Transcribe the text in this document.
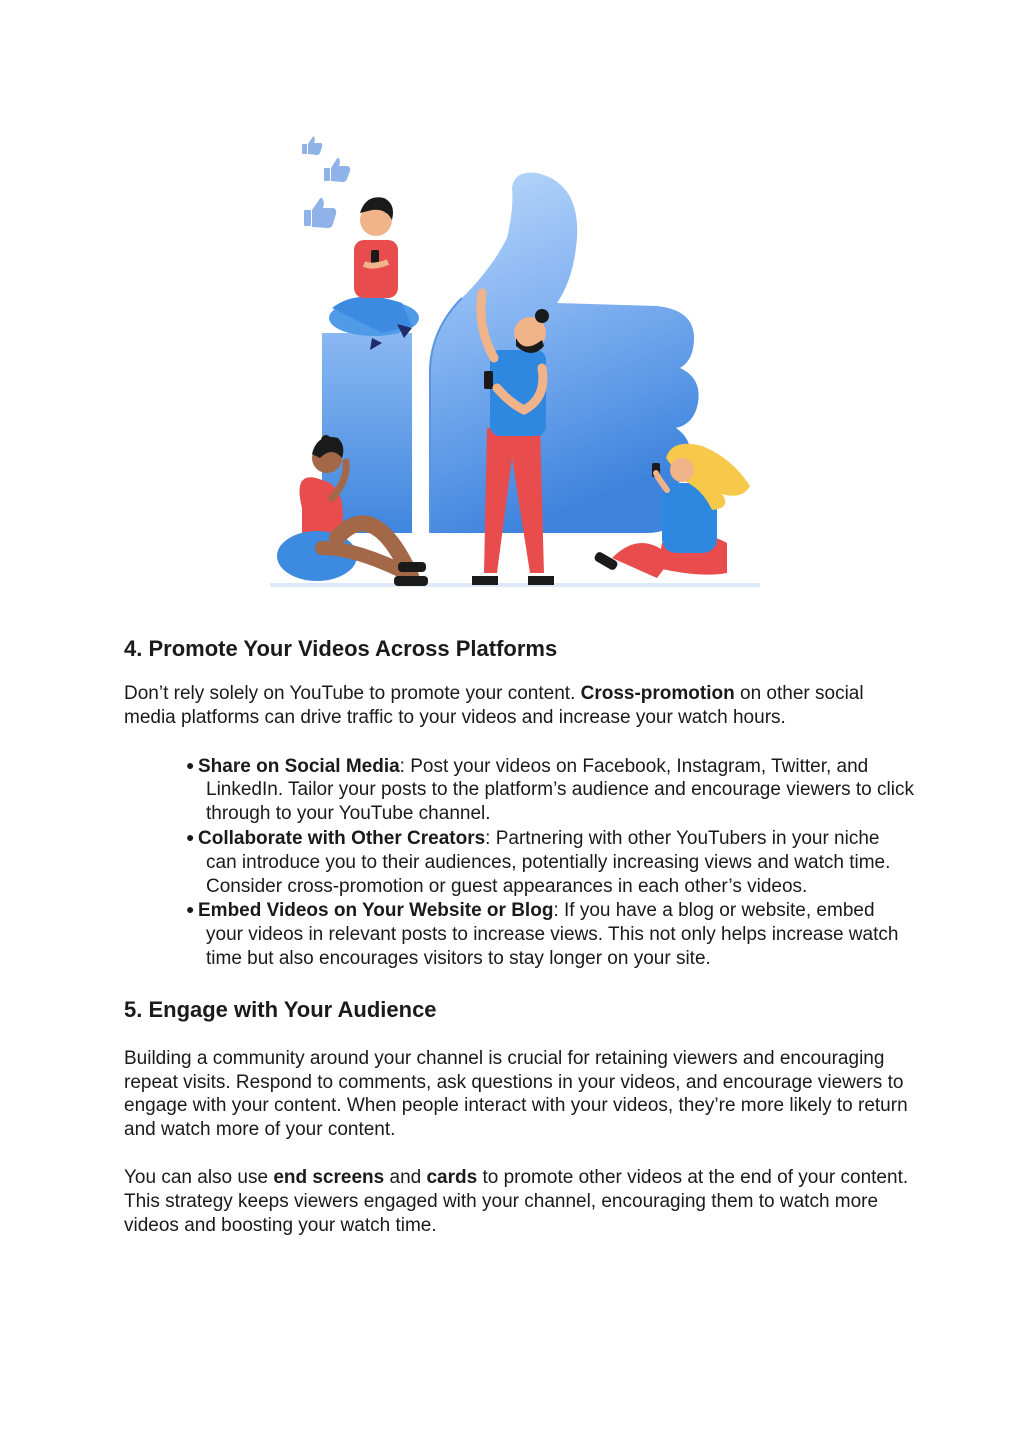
4. Promote Your Videos Across Platforms

Don’t rely solely on YouTube to promote your content. Cross-promotion on other social media platforms can drive traffic to your videos and increase your watch hours.

● Share on Social Media: Post your videos on Facebook, Instagram, Twitter, and LinkedIn. Tailor your posts to the platform’s audience and encourage viewers to click through to your YouTube channel.
● Collaborate with Other Creators: Partnering with other YouTubers in your niche can introduce you to their audiences, potentially increasing views and watch time. Consider cross-promotion or guest appearances in each other’s videos.
● Embed Videos on Your Website or Blog: If you have a blog or website, embed your videos in relevant posts to increase views. This not only helps increase watch time but also encourages visitors to stay longer on your site.
5. Engage with Your Audience

Building a community around your channel is crucial for retaining viewers and encouraging repeat visits. Respond to comments, ask questions in your videos, and encourage viewers to engage with your content. When people interact with your videos, they’re more likely to return and watch more of your content.

You can also use end screens and cards to promote other videos at the end of your content. This strategy keeps viewers engaged with your channel, encouraging them to watch more videos and boosting your watch time.
